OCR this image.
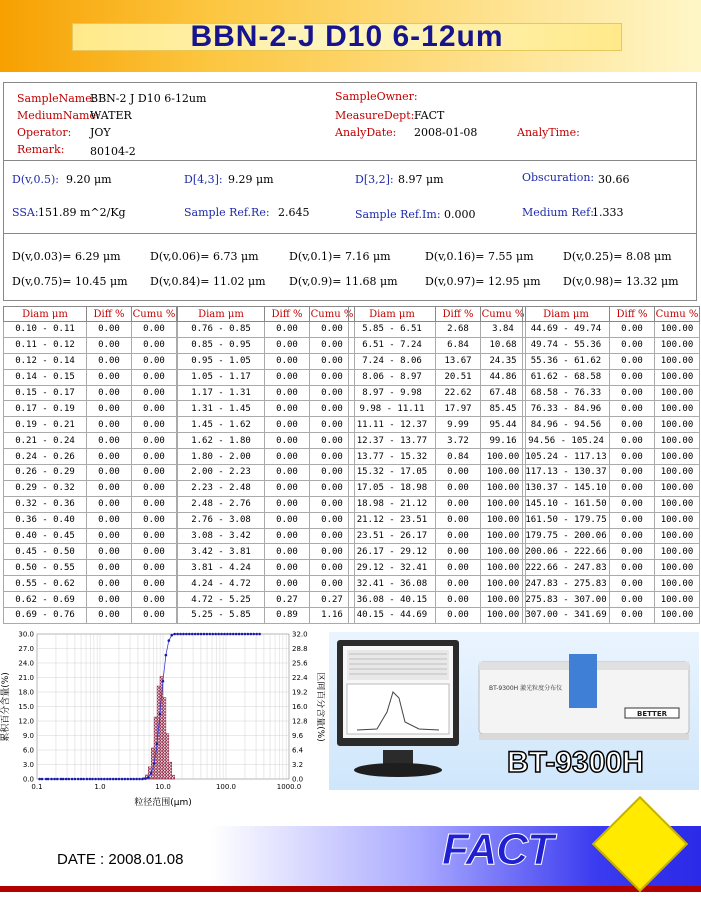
BBN-2-J D10 6-12um
SampleName:
BBN-2 J D10 6-12um
MediumName:
WATER
Operator: JOY
Remark: 80104-2
SampleOwner:
MeasureDept: FACT
AnalyDate: 2008-01-08	AnalyTime:
D(v,0.5): 9.20 μm	D[4,3]: 9.29 μm	D[3,2]: 8.97 μm	Obscuration: 30.66
SSA: 151.89 m^2/Kg	Sample Ref.Re: 2.645	Sample Ref.Im: 0.000	Medium Ref:
1.333
D(v,0.03)= 6.29 μm	D(v,0.06)= 6.73 μm	D(v,0.1)= 7.16 μm	D(v,0.16)= 7.55 μm	D(v,0.25)= 8.08 μm
D(v,0.75)= 10.45 μm D(v,0.84)= 11.02 μm D(v,0.9)= 11.68 μm D(v,0.97)= 12.95 μm D(v,0.98)= 13.32 μm
Diam μm	Diff %	Cumu %
0.10 - 0.11	0.00	0.00
0.11 - 0.12	0.00	0.00
0.12 - 0.14	0.00	0.00
0.14 - 0.15	0.00	0.00
0.15 - 0.17	0.00	0.00
0.17 - 0.19	0.00	0.00
0.19 - 0.21	0.00	0.00
0.21 - 0.24	0.00	0.00
0.24 - 0.26	0.00	0.00
0.26 - 0.29	0.00	0.00
0.29 - 0.32	0.00	0.00
0.32 - 0.36	0.00	0.00
0.36 - 0.40	0.00	0.00
0.40 - 0.45	0.00	0.00
0.45 - 0.50	0.00	0.00
0.50 - 0.55	0.00	0.00
0.55 - 0.62	0.00	0.00
0.62 - 0.69	0.00	0.00
0.69 - 0.76	0.00	0.00
Diam μm	Diff %	Cumu %
0.76 - 0.85	0.00	0.00
0.85 - 0.95	0.00	0.00
0.95 - 1.05	0.00	0.00
1.05 - 1.17	0.00	0.00
1.17 - 1.31	0.00	0.00
1.31 - 1.45	0.00	0.00
1.45 - 1.62	0.00	0.00
1.62 - 1.80	0.00	0.00
1.80 - 2.00	0.00	0.00
2.00 - 2.23	0.00	0.00
2.23 - 2.48	0.00	0.00
2.48 - 2.76	0.00	0.00
2.76 - 3.08	0.00	0.00
3.08 - 3.42	0.00	0.00
3.42 - 3.81	0.00	0.00
3.81 - 4.24	0.00	0.00
4.24 - 4.72	0.00	0.00
4.72 - 5.25	0.27	0.27
5.25 - 5.85	0.89	1.16
Diam μm	Diff %	Cumu %
5.85 - 6.51	2.68	3.84
6.51 - 7.24	6.84	10.68
7.24 - 8.06	13.67	24.35
8.06 - 8.97	20.51	44.86
8.97 - 9.98	22.62	67.48
9.98 - 11.11	17.97	85.45
11.11 - 12.37	9.99	95.44
12.37 - 13.77	3.72	99.16
13.77 - 15.32	0.84	100.00
15.32 - 17.05	0.00	100.00
17.05 - 18.98	0.00	100.00
18.98 - 21.12	0.00	100.00
21.12 - 23.51	0.00	100.00
23.51 - 26.17	0.00	100.00
26.17 - 29.12	0.00	100.00
29.12 - 32.41	0.00	100.00
32.41 - 36.08	0.00	100.00
36.08 - 40.15	0.00	100.00
40.15 - 44.69	0.00	100.00
Diam μm	Diff %	Cumu %
44.69 - 49.74	0.00	100.00
49.74 - 55.36	0.00	100.00
55.36 - 61.62	0.00	100.00
61.62 - 68.58	0.00	100.00
68.58 - 76.33	0.00	100.00
76.33 - 84.96	0.00	100.00
84.96 - 94.56	0.00	100.00
94.56 - 105.24	0.00	100.00
105.24 - 117.13	0.00	100.00
117.13 - 130.37	0.00	100.00
130.37 - 145.10	0.00	100.00
145.10 - 161.50	0.00	100.00
161.50 - 179.75	0.00	100.00
179.75 - 200.06	0.00	100.00
200.06 - 222.66	0.00	100.00
222.66 - 247.83	0.00	100.00
247.83 - 275.83	0.00	100.00
275.83 - 307.00	0.00	100.00
307.00 - 341.69	0.00	100.00
粒径范围(μm)
累积百分含量(%)	区间百分含量(%)
0.1	1.0	10.0	100.0	1000.0
0.0
3.0
6.0
9.0
12.0
15.0
18.0
21.0
24.0
27.0
30.0
0.0
3.2
6.4
9.6
12.8
16.0
19.2
22.4
25.6
28.8
32.0
BT-9300H 激光粒度分布仪
BETTER
BT-9300H
DATE : 2008.01.08	FACT
